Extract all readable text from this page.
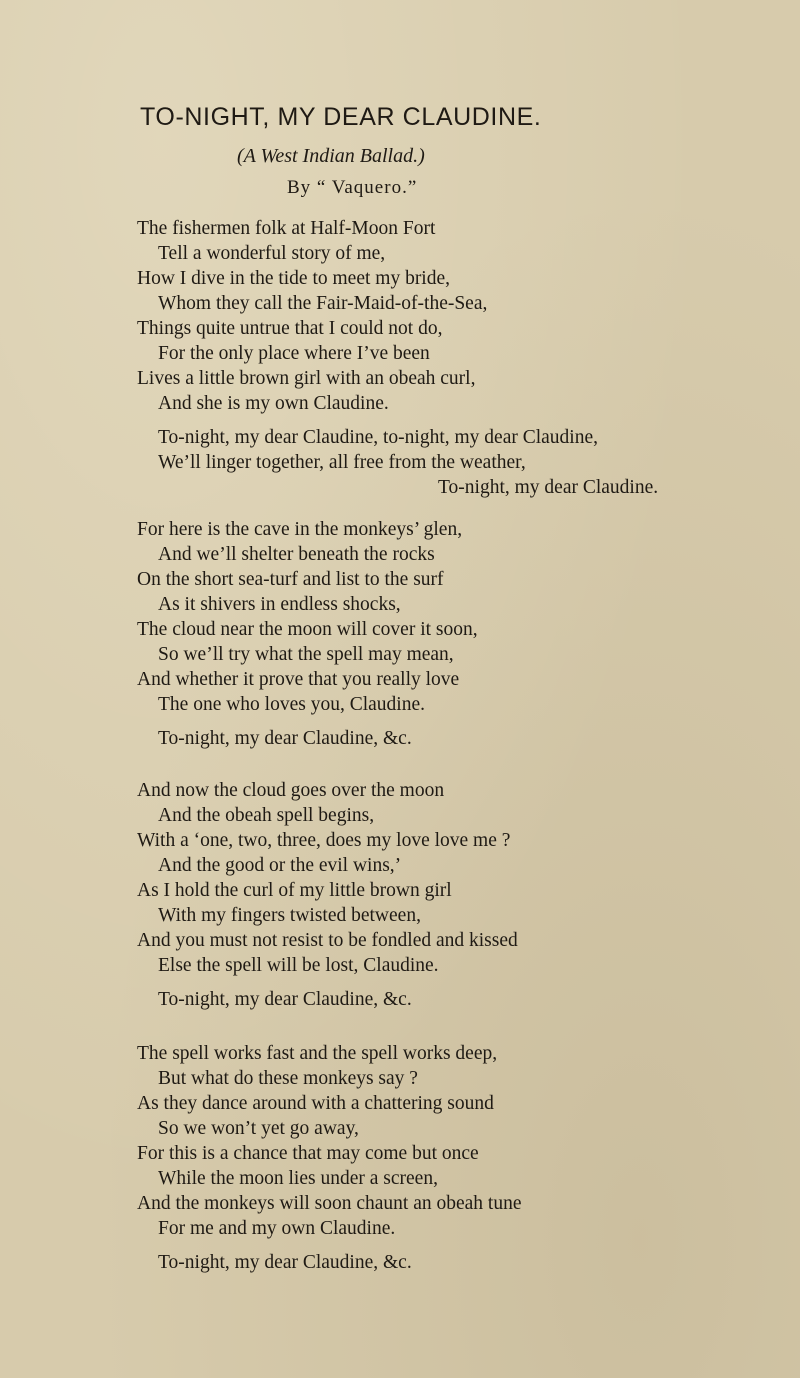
TO-NIGHT, MY DEAR CLAUDINE.
(A West Indian Ballad.)
By “ Vaquero.”
The fishermen folk at Half-Moon Fort
Tell a wonderful story of me,
How I dive in the tide to meet my bride,
Whom they call the Fair-Maid-of-the-Sea,
Things quite untrue that I could not do,
For the only place where I’ve been
Lives a little brown girl with an obeah curl,
And she is my own Claudine.
To-night, my dear Claudine, to-night, my dear Claudine,
We’ll linger together, all free from the weather,
To-night, my dear Claudine.
For here is the cave in the monkeys’ glen,
And we’ll shelter beneath the rocks
On the short sea-turf and list to the surf
As it shivers in endless shocks,
The cloud near the moon will cover it soon,
So we’ll try what the spell may mean,
And whether it prove that you really love
The one who loves you, Claudine.
To-night, my dear Claudine, &c.
And now the cloud goes over the moon
And the obeah spell begins,
With a ‘one, two, three, does my love love me ?
And the good or the evil wins,’
As I hold the curl of my little brown girl
With my fingers twisted between,
And you must not resist to be fondled and kissed
Else the spell will be lost, Claudine.
To-night, my dear Claudine, &c.
The spell works fast and the spell works deep,
But what do these monkeys say ?
As they dance around with a chattering sound
So we won’t yet go away,
For this is a chance that may come but once
While the moon lies under a screen,
And the monkeys will soon chaunt an obeah tune
For me and my own Claudine.
To-night, my dear Claudine, &c.
